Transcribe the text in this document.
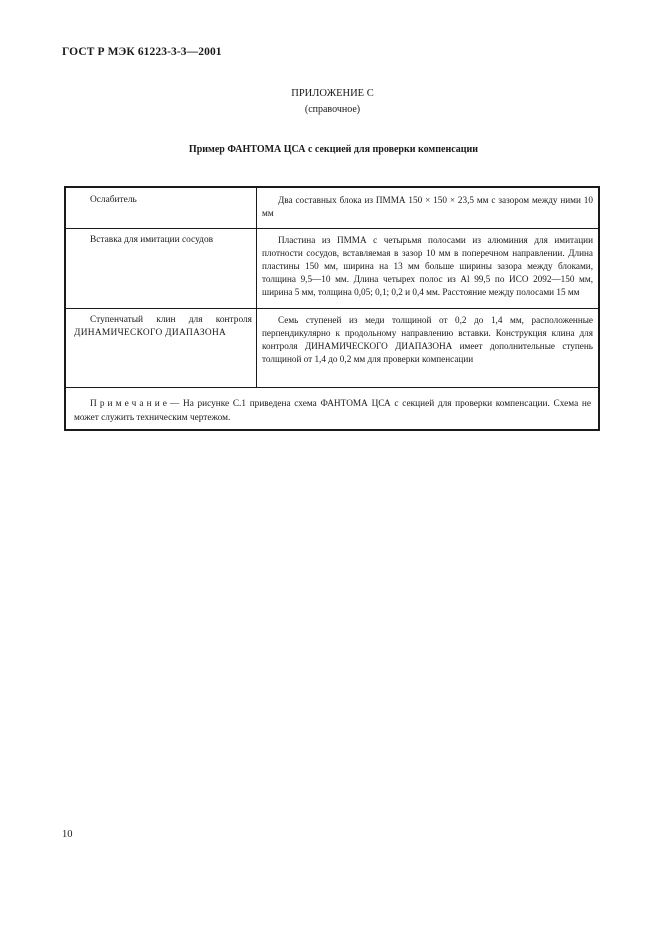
ГОСТ Р МЭК 61223-3-3—2001
ПРИЛОЖЕНИЕ С
(справочное)
Пример ФАНТОМА ЦСА с секцией для проверки компенсации
Ослабитель	Два составных блока из ПММА 150 × 150 × 23,5 мм с зазором между ними 10 мм
Вставка для имитации сосудов	Пластина из ПММА с четырьмя полосами из алюминия для имитации плотности сосудов, вставляемая в зазор 10 мм в поперечном направлении. Длина пластины 150 мм, ширина на 13 мм больше ширины зазора между блоками, толщина 9,5—10 мм. Длина четырех полос из Al 99,5 по ИСО 2092—150 мм, ширина 5 мм, толщина 0,05; 0,1; 0,2 и 0,4 мм. Расстояние между полосами 15 мм
Ступенчатый клин для контроля ДИНАМИЧЕСКОГО ДИАПАЗОНА
Семь ступеней из меди толщиной от 0,2 до 1,4 мм, расположенные перпендикулярно к продольному направлению вставки. Конструкция клина для контроля ДИНАМИЧЕСКОГО ДИАПАЗОНА имеет дополнительные ступень толщиной от 1,4 до 0,2 мм для проверки компенсации
Примечание— На рисунке С.1 приведена схема ФАНТОМА ЦСА с секцией для проверки компенсации. Схема не может служить техническим чертежом.
10
